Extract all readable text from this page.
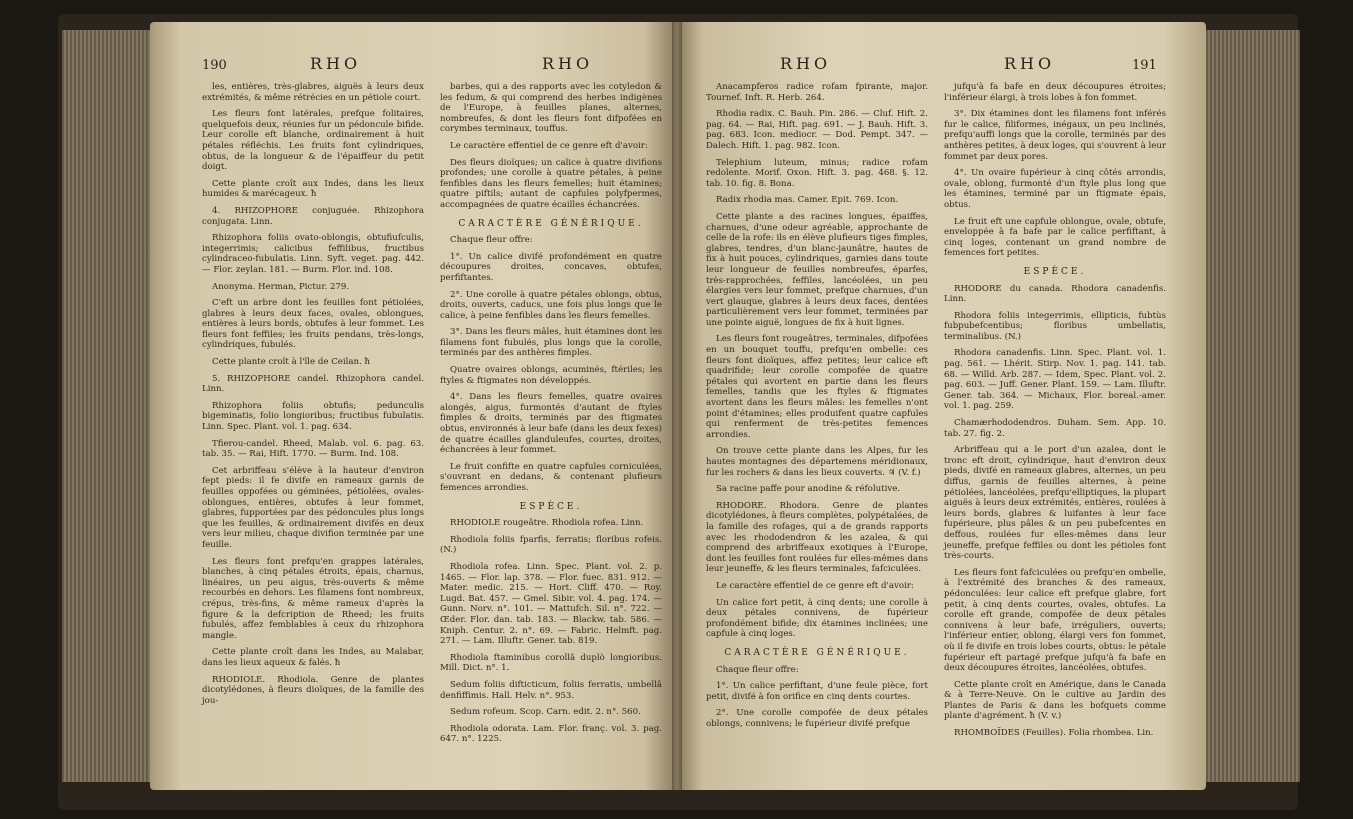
190	RHO	RHO

les, entières, très-glabres, aiguës à leurs deux extrémités, & même rétrécies en un pétiole court.

Les fleurs font latérales, prefque folitaires, quelquefois deux, réunies fur un pédoncule bifide. Leur corolle eft blanche, ordinairement à huit pétales réfléchis. Les fruits font cylindriques, obtus, de la longueur & de l'épaiffeur du petit doigt.

Cette plante croît aux Indes, dans les lieux humides & marécageux. ħ

4. RHIZOPHORE conjuguée. Rhizophora conjugata. Linn.

Rhizophora foliis ovato-oblongis, obtufiufculis, integerrimis; calicibus feffilibus, fructibus cylindraceo-fubulatis. Linn. Syft. veget. pag. 442. — Flor. zeylan. 181. — Burm. Flor. ind. 108.

Anonyma. Herman, Pictur. 279.

C'eft un arbre dont les feuilles font pétiolées, glabres à leurs deux faces, ovales, oblongues, entières à leurs bords, obtufes à leur fommet. Les fleurs font feffiles; les fruits pendans, très-longs, cylindriques, fubulés.

Cette plante croît à l'île de Ceilan. ħ

5. RHIZOPHORE candel. Rhizophora candel. Linn.

Rhizophora foliis obtufis; pedunculis bigeminatis, folio longioribus; fructibus fubulatis. Linn. Spec. Plant. vol. 1. pag. 634.

Tfierou-candel. Rheed, Malab. vol. 6. pag. 63. tab. 35. — Rai, Hift. 1770. — Burm. Ind. 108.

Cet arbriffeau s'élève à la hauteur d'environ fept pieds: il fe divife en rameaux garnis de feuilles oppofées ou géminées, pétiolées, ovales-oblongues, entières, obtufes à leur fommet, glabres, fupportées par des pédoncules plus longs que les feuilles, & ordinairement divifés en deux vers leur milieu, chaque divifion terminée par une feuille.

Les fleurs font prefqu'en grappes latérales, blanches, à cinq pétales étroits, épais, charnus, linéaires, un peu aigus, très-ouverts & même recourbés en dehors. Les filamens font nombreux, crépus, très-fins, & même rameux d'après la figure & la defcription de Rheed; les fruits fubulés, affez femblables à ceux du rhizophora mangle.

Cette plante croît dans les Indes, au Malabar, dans les lieux aqueux & falés. ħ

RHODIOLE. Rhodiola. Genre de plantes dicotylédones, à fleurs dioïques, de la famille des jou-

barbes, qui a des rapports avec les cotyledon & les fedum, & qui comprend des herbes indigènes de l'Europe, à feuilles planes, alternes, nombreufes, & dont les fleurs font difpofées en corymbes terminaux, touffus.

Le caractère effentiel de ce genre eft d'avoir:

Des fleurs dioïques; un calice à quatre divifions profondes; une corolle à quatre pétales, à peine fenfibles dans les fleurs femelles; huit étamines; quatre piftils; autant de capfules polyfpermes, accompagnées de quatre écailles échancrées.

CARACTÈRE GÉNÉRIQUE.

Chaque fleur offre:

1°. Un calice divifé profondément en quatre découpures droites, concaves, obtufes, perfiftantes.

2°. Une corolle à quatre pétales oblongs, obtus, droits, ouverts, caducs, une fois plus longs que le calice, à peine fenfibles dans les fleurs femelles.

3°. Dans les fleurs mâles, huit étamines dont les filamens font fubulés, plus longs que la corolle, terminés par des anthères fimples.

Quatre ovaires oblongs, acuminés, ftériles; les ftyles & ftigmates non développés.

4°. Dans les fleurs femelles, quatre ovaires alongés, aigus, furmontés d'autant de ftyles fimples & droits, terminés par des ftigmates obtus, environnés à leur bafe (dans les deux fexes) de quatre écailles glanduleufes, courtes, droites, échancrées à leur fommet.

Le fruit confifte en quatre capfules corniculées, s'ouvrant en dedans, & contenant plufieurs femences arrondies.

ESPÈCE.

RHODIOLE rougeâtre. Rhodiola rofea. Linn.

Rhodiola foliis fparfis, ferratis; floribus rofeis. (N.)

Rhodiola rofea. Linn. Spec. Plant. vol. 2. p. 1465. — Flor. lap. 378. — Flor. fuec. 831. 912. — Mater. medic. 215. — Hort. Cliff. 470. — Roy. Lugd. Bat. 457. — Gmel. Sibir. vol. 4. pag. 174. — Gunn. Norv. n°. 101. — Mattufch. Sil. n°. 722. — Œder. Flor. dan. tab. 183. — Blackw. tab. 586. — Kniph. Centur. 2. n°. 69. — Fabric. Helmft. pag. 271. — Lam. Illuftr. Gener. tab. 819.

Rhodiola ftaminibus corollâ duplò longioribus. Mill. Dict. n°. 1.

Sedum foliis difticticum, foliis ferratis, umbellâ denfiffimis. Hall. Helv. n°. 953.

Sedum rofeum. Scop. Carn. edit. 2. n°. 560.

Rhodiola odorata. Lam. Flor. franç. vol. 3. pag. 647. n°. 1225.

RHO	RHO	191

Anacampferos radice rofam fpirante, major. Tournef. Inft. R. Herb. 264.

Rhodia radix. C. Bauh. Pin. 286. — Cluf. Hift. 2. pag. 64. — Rai, Hift. pag. 691. — J. Bauh. Hift. 3. pag. 683. Icon. mediocr. — Dod. Pempt. 347. — Dalech. Hift. 1. pag. 982. Icon.

Telephium luteum, minus; radice rofam redolente. Morif. Oxon. Hift. 3. pag. 468. §. 12. tab. 10. fig. 8. Bona.

Radix rhodia mas. Camer. Epit. 769. Icon.

Cette plante a des racines longues, épaiffes, charnues, d'une odeur agréable, approchante de celle de la rofe: ils en élève plufieurs tiges fimples, glabres, tendres, d'un blanc-jaunâtre, hautes de fix à huit pouces, cylindriques, garnies dans toute leur longueur de feuilles nombreufes, éparfes, très-rapprochées, feffiles, lancéolées, un peu élargies vers leur fommet, prefque charnues, d'un vert glauque, glabres à leurs deux faces, dentées particulièrement vers leur fommet, terminées par une pointe aiguë, longues de fix à huit lignes.

Les fleurs font rougeâtres, terminales, difpofées en un bouquet touffu, prefqu'en ombelle: ces fleurs font dioïques, affez petites; leur calice eft quadrifide; leur corolle compofée de quatre pétales qui avortent en partie dans les fleurs femelles, tandis que les ftyles & ftigmates avortent dans les fleurs mâles: les femelles n'ont point d'étamines; elles produifent quatre capfules qui renferment de très-petites femences arrondies.

On trouve cette plante dans les Alpes, fur les hautes montagnes des départemens méridionaux, fur les rochers & dans les lieux couverts. ♃ (V. f.)

Sa racine paffe pour anodine & réfolutive.

RHODORE. Rhodora. Genre de plantes dicotylédones, à fleurs complètes, polypétalées, de la famille des rofages, qui a de grands rapports avec les rhododendron & les azalea, & qui comprend des arbriffeaux exotiques à l'Europe, dont les feuilles font roulées fur elles-mêmes dans leur jeuneffe, & les fleurs terminales, fafciculées.

Le caractère effentiel de ce genre eft d'avoir:

Un calice fort petit, à cinq dents; une corolle à deux pétales connivens, de fupérieur profondément bifide; dix étamines inclinées; une capfule à cinq loges.

CARACTÈRE GÉNÉRIQUE.

Chaque fleur offre:

1°. Un calice perfiftant, d'une feule pièce, fort petit, divifé à fon orifice en cinq dents courtes.

2°. Une corolle compofée de deux pétales oblongs, connivens; le fupérieur divifé prefque

jufqu'à fa bafe en deux découpures étroites; l'inférieur élargi, à trois lobes à fon fommet.

3°. Dix étamines dont les filamens font inférés fur le calice, filiformes, inégaux, un peu inclinés, prefqu'auffi longs que la corolle, terminés par des anthères petites, à deux loges, qui s'ouvrent à leur fommet par deux pores.

4°. Un ovaire fupérieur à cinq côtés arrondis, ovale, oblong, furmonté d'un ftyle plus long que les étamines, terminé par un ftigmate épais, obtus.

Le fruit eft une capfule oblongue, ovale, obtufe, enveloppée à fa bafe par le calice perfiftant, à cinq loges, contenant un grand nombre de femences fort petites.

ESPÈCE.

RHODORE du canada. Rhodora canadenfis. Linn.

Rhodora foliis integerrimis, ellipticis, fubtùs fubpubefcentibus; floribus umbellatis, terminalibus. (N.)

Rhodora canadenfis. Linn. Spec. Plant. vol. 1. pag. 561. — Lhérit. Stirp. Nov. 1. pag. 141. tab. 68. — Willd. Arb. 287. — Idem, Spec. Plant. vol. 2. pag. 603. — Juff. Gener. Plant. 159. — Lam. Illuftr. Gener. tab. 364. — Michaux, Flor. boreal.-amer. vol. 1. pag. 259.

Chamærhododendros. Duham. Sem. App. 10. tab. 27. fig. 2.

Arbriffeau qui a le port d'un azalea, dont le tronc eft droit, cylindrique, haut d'environ deux pieds, divifé en rameaux glabres, alternes, un peu diffus, garnis de feuilles alternes, à peine pétiolées, lancéolées, prefqu'elliptiques, la plupart aiguës à leurs deux extrémités, entières, roulées à leurs bords, glabres & luifantes à leur face fupérieure, plus pâles & un peu pubefcentes en deffous, roulées fur elles-mêmes dans leur jeuneffe, prefque feffiles ou dont les pétioles font très-courts.

Les fleurs font fafciculées ou prefqu'en ombelle, à l'extrémité des branches & des rameaux, pédonculées: leur calice eft prefque glabre, fort petit, à cinq dents courtes, ovales, obtufes. La corolle eft grande, compofée de deux pétales connivens à leur bafe, irréguliers, ouverts; l'inférieur entier, oblong, élargi vers fon fommet, où il fe divife en trois lobes courts, obtus: le pétale fupérieur eft partagé prefque jufqu'à fa bafe en deux découpures étroites, lancéolées, obtufes.

Cette plante croît en Amérique, dans le Canada & à Terre-Neuve. On le cultive au Jardin des Plantes de Paris & dans les bofquets comme plante d'agrément. ħ (V. v.)

RHOMBOÏDES (Feuilles). Folia rhombea. Lin.
